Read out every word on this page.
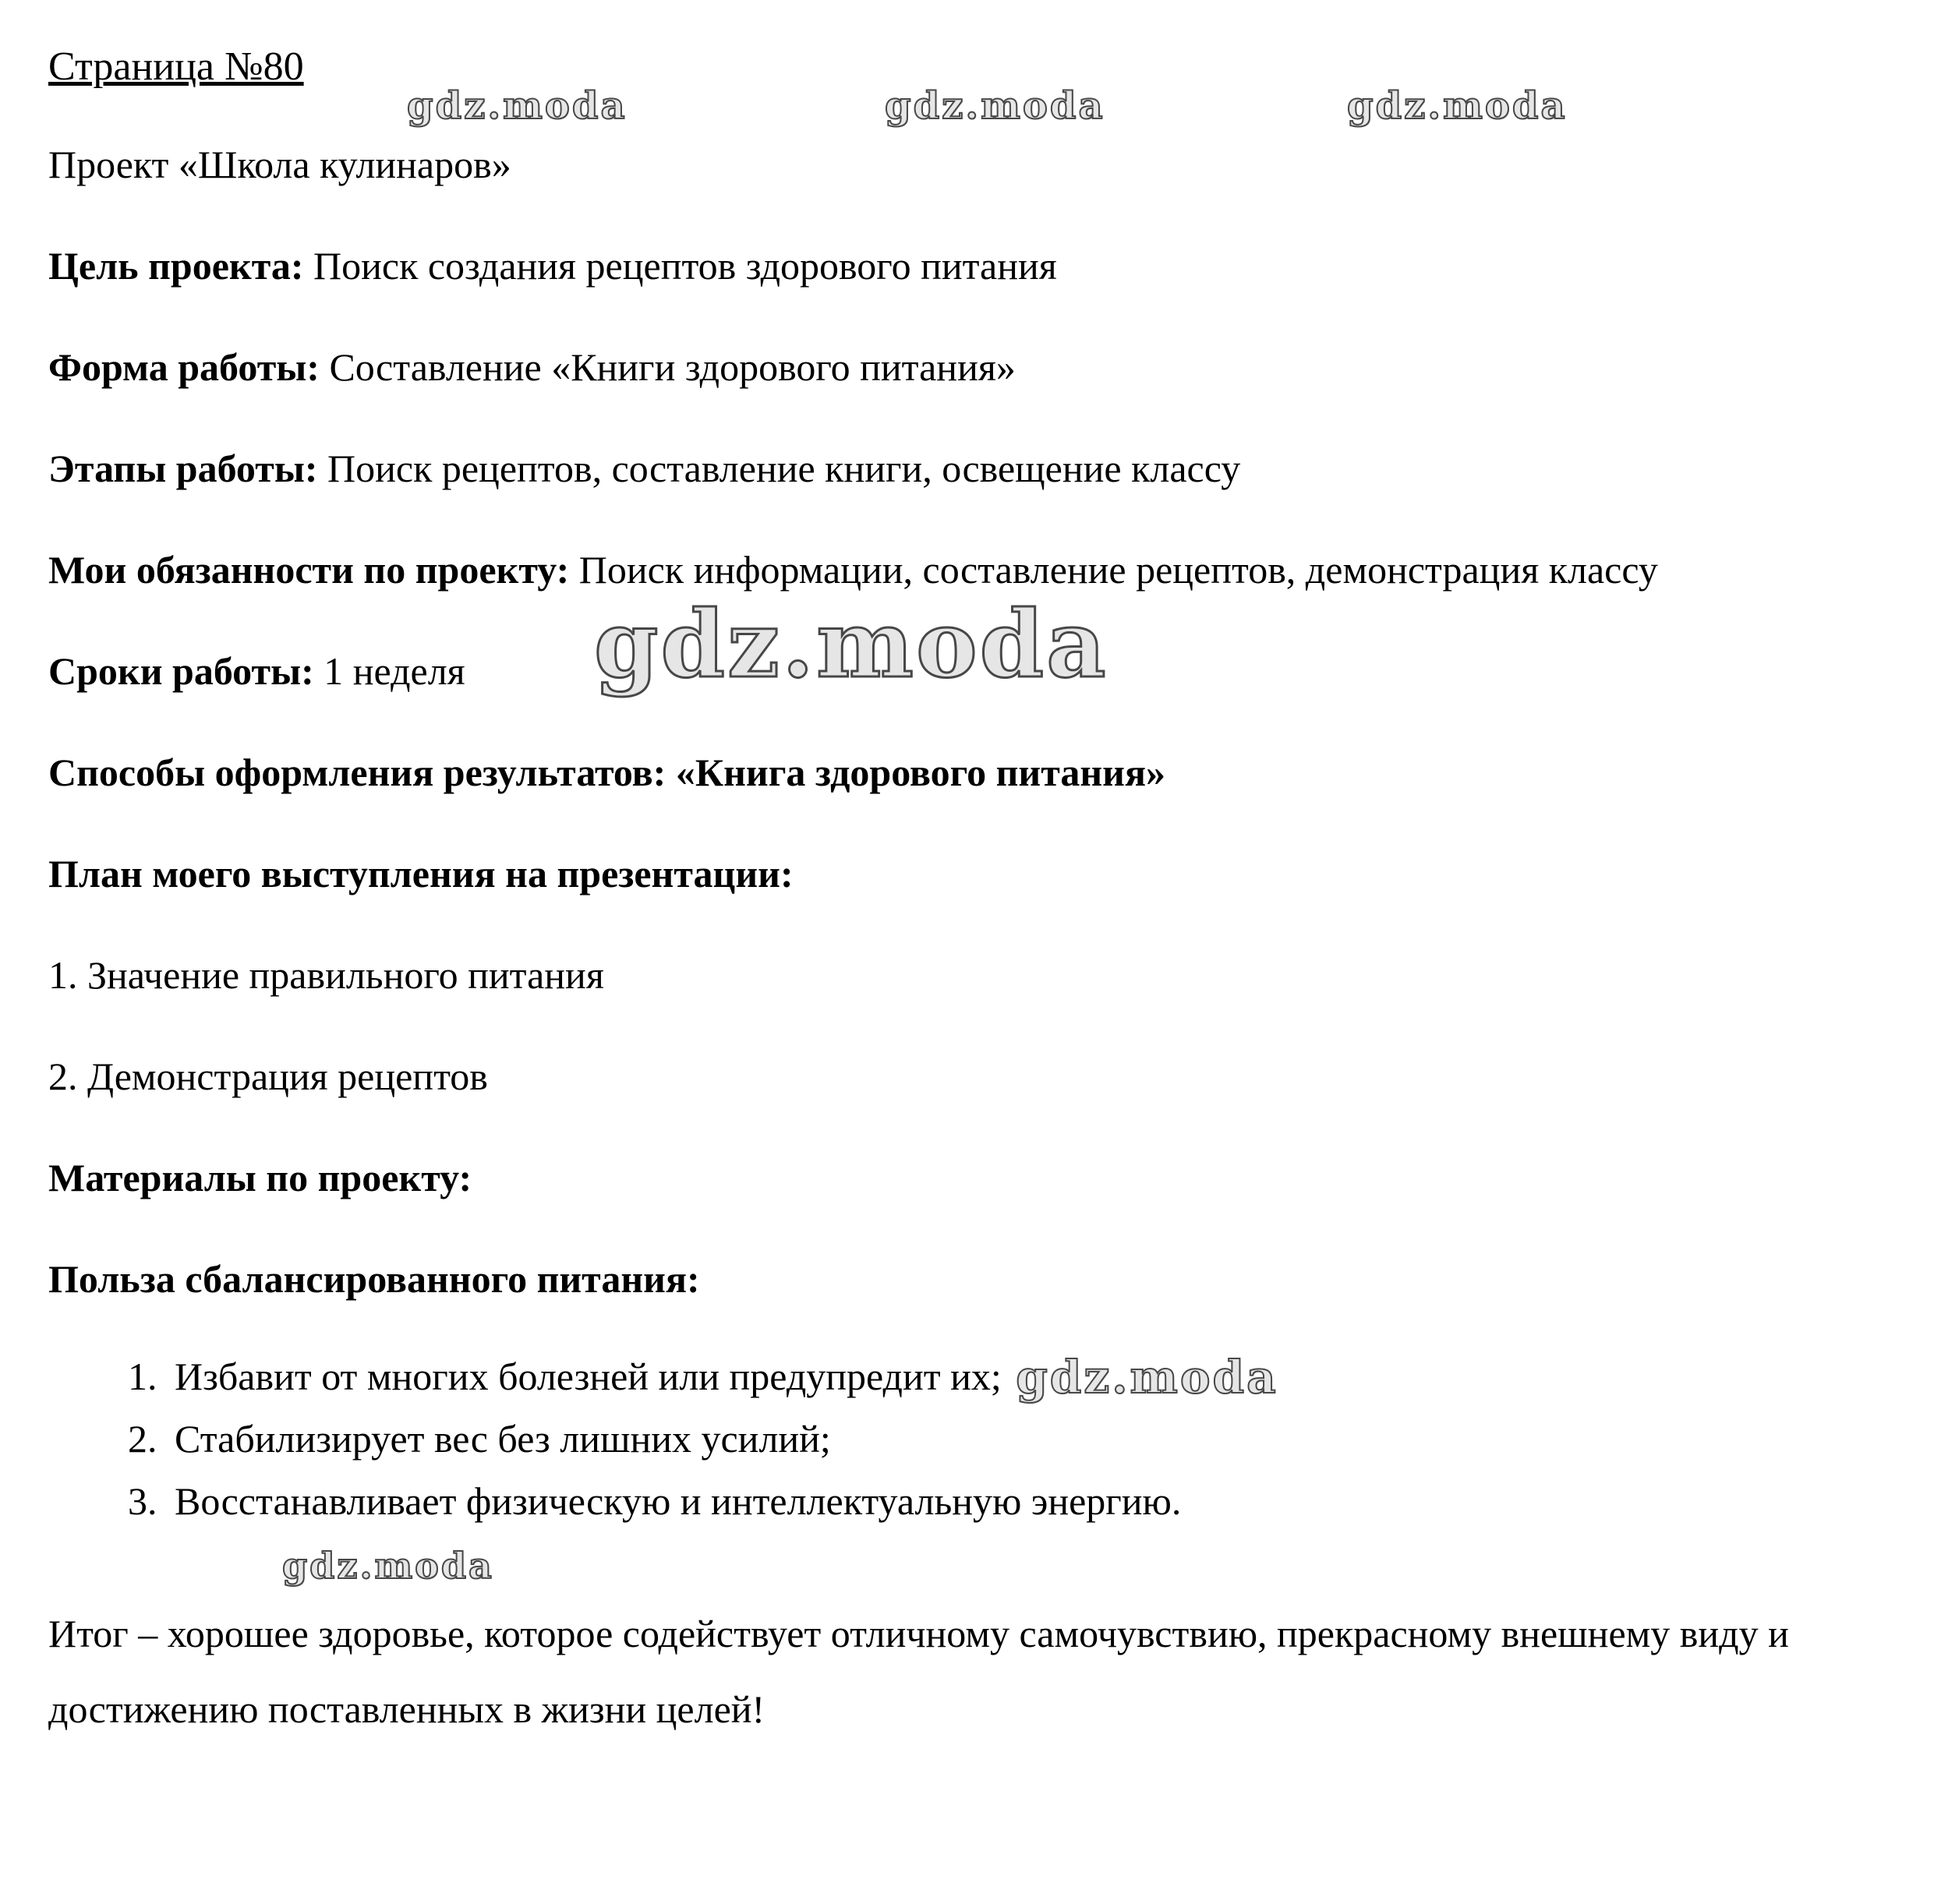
gdz.moda	gdz.moda	gdz.moda
Страница №80

Проект «Школа кулинаров»

Цель проекта: Поиск создания рецептов здорового питания

Форма работы: Составление «Книги здорового питания»

Этапы работы: Поиск рецептов, составление книги, освещение классу

Мои обязанности по проекту: Поиск информации, составление рецептов, демонстрация классу

Сроки работы: 1 неделя gdz.moda

Способы оформления результатов: «Книга здорового питания»

План моего выступления на презентации:

1. Значение правильного питания

2. Демонстрация рецептов

Материалы по проекту:

Польза сбалансированного питания:

1. Избавит от многих болезней или предупредит их; gdz.moda
2. Стабилизирует вес без лишних усилий;
3. Восстанавливает физическую и интеллектуальную энергию.
gdz.moda

Итог – хорошее здоровье, которое содействует отличному самочувствию, прекрасному внешнему виду и достижению поставленных в жизни целей!
